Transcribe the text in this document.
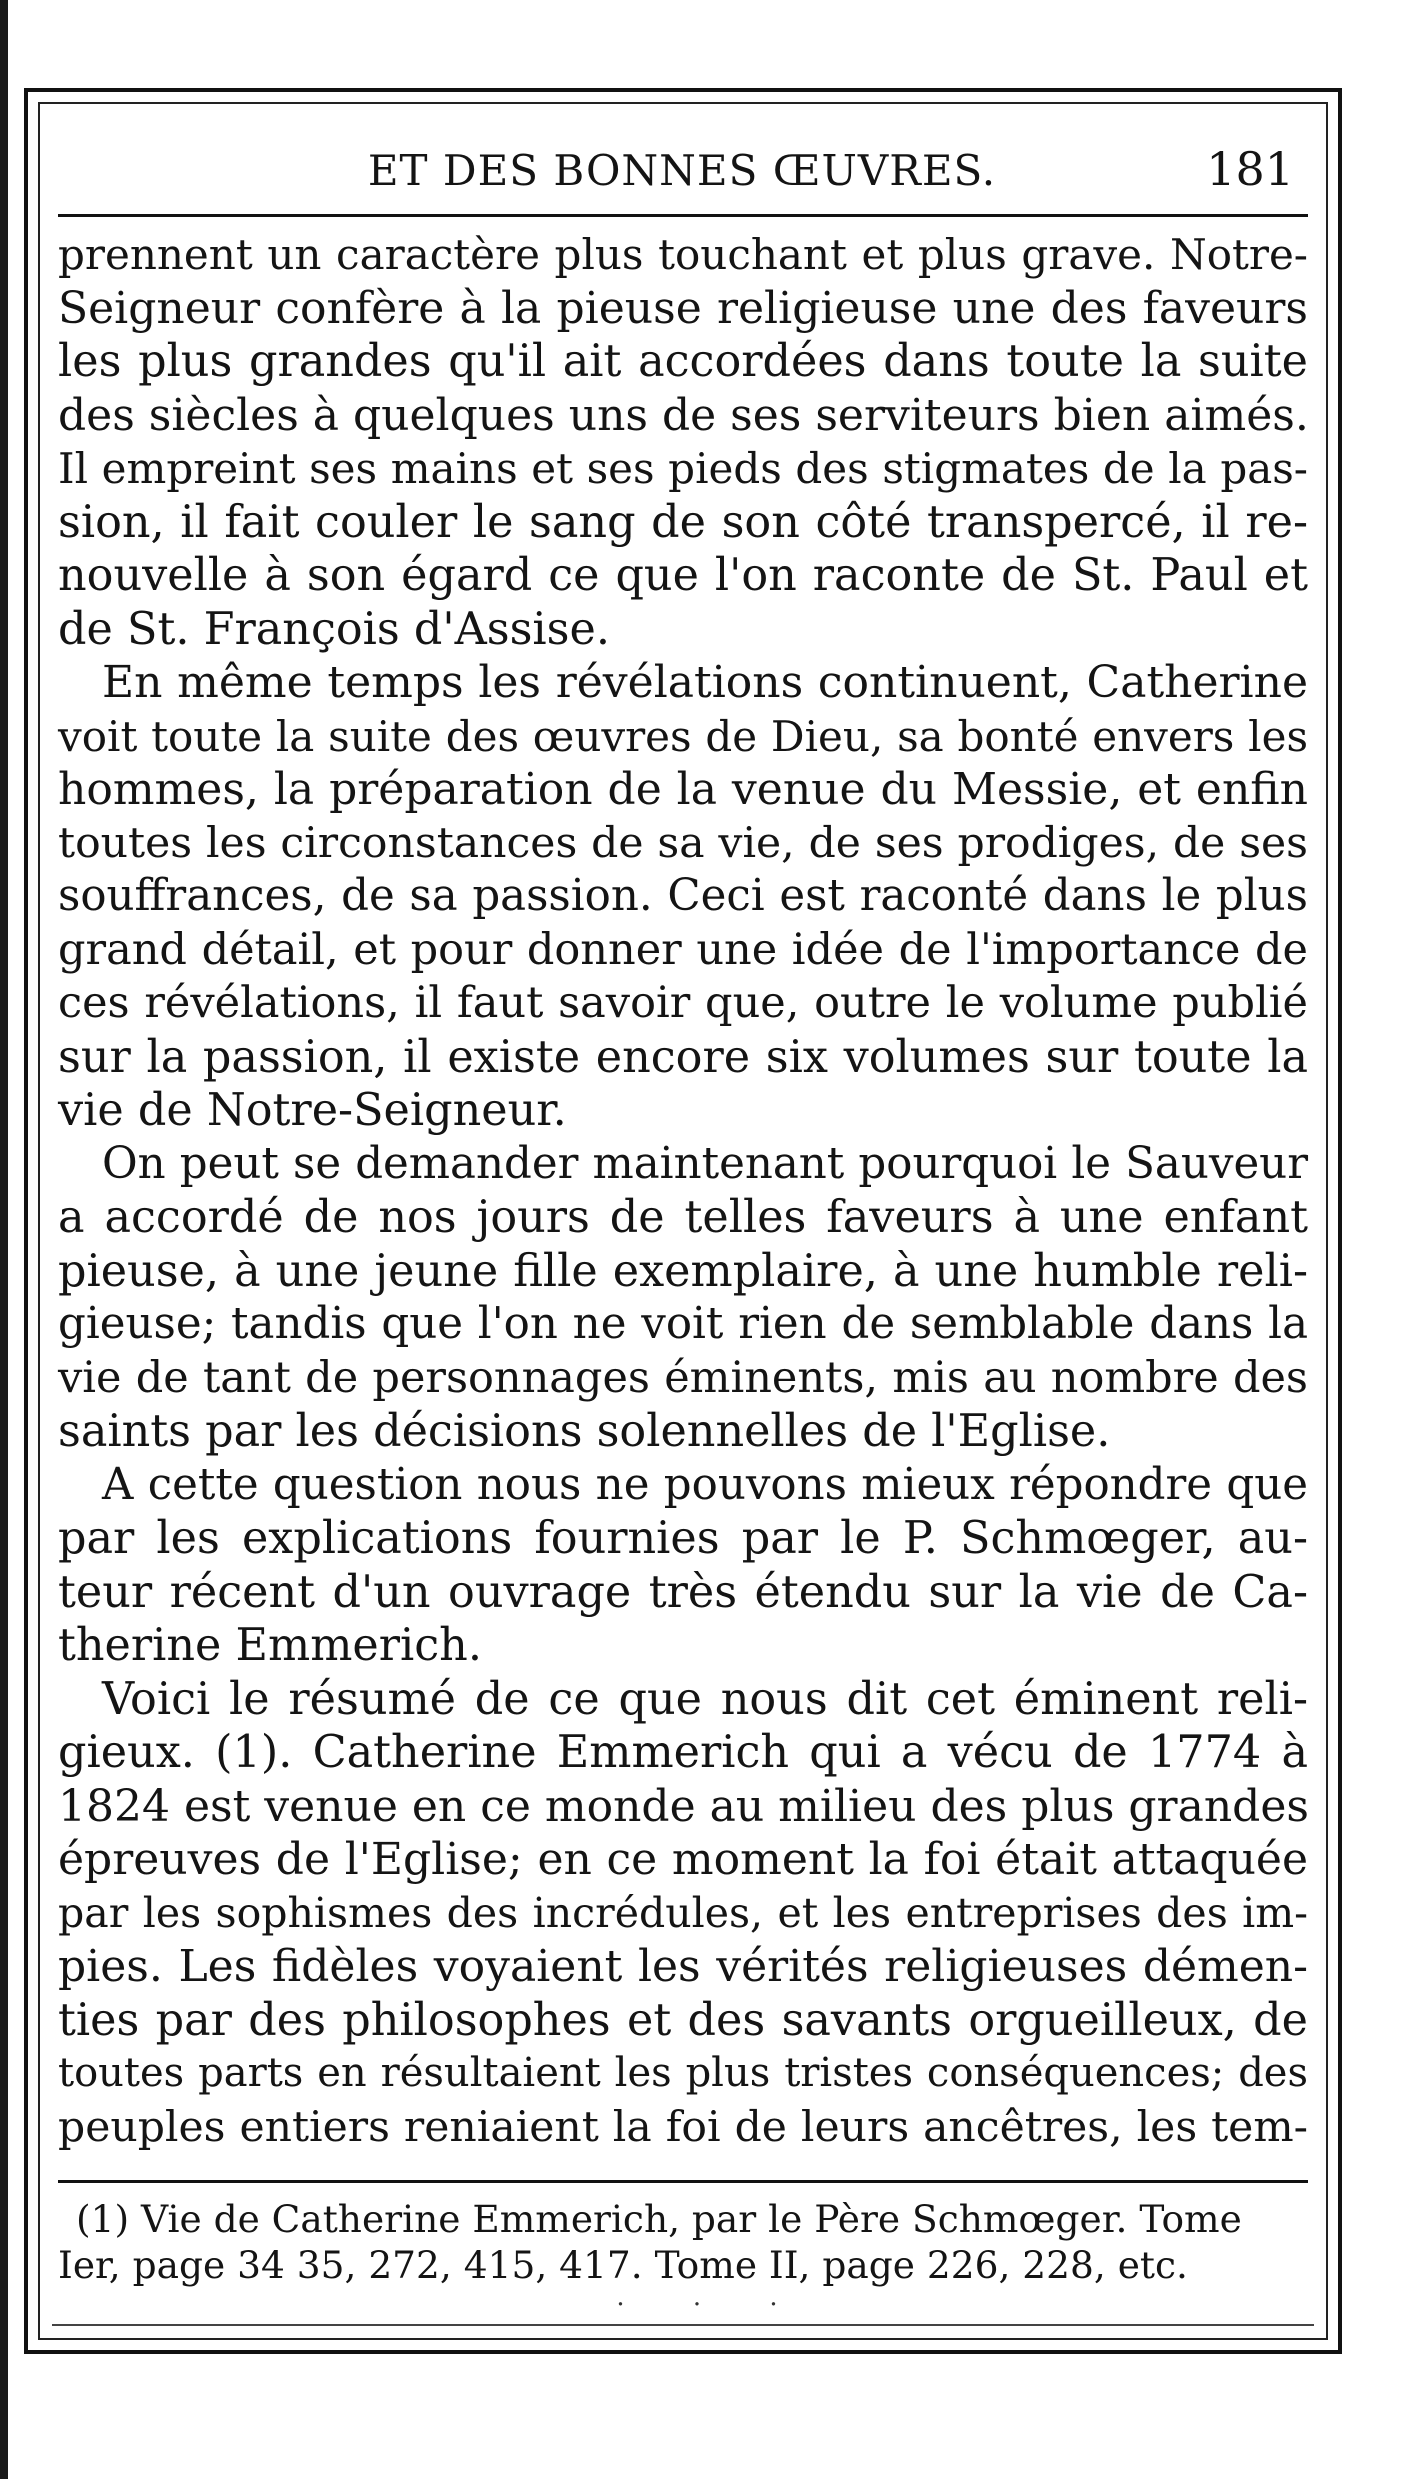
ET DES BONNES ŒUVRES.	181
prennent un caractère plus touchant et plus grave. Notre-
Seigneur confère à la pieuse religieuse une des faveurs
les plus grandes qu'il ait accordées dans toute la suite
des siècles à quelques uns de ses serviteurs bien aimés.
Il empreint ses mains et ses pieds des stigmates de la pas-
sion, il fait couler le sang de son côté transpercé, il re-
nouvelle à son égard ce que l'on raconte de St. Paul et
de St. François d'Assise.
En même temps les révélations continuent, Catherine
voit toute la suite des œuvres de Dieu, sa bonté envers les
hommes, la préparation de la venue du Messie, et enfin
toutes les circonstances de sa vie, de ses prodiges, de ses
souffrances, de sa passion. Ceci est raconté dans le plus
grand détail, et pour donner une idée de l'importance de
ces révélations, il faut savoir que, outre le volume publié
sur la passion, il existe encore six volumes sur toute la
vie de Notre-Seigneur.
On peut se demander maintenant pourquoi le Sauveur
a accordé de nos jours de telles faveurs à une enfant
pieuse, à une jeune fille exemplaire, à une humble reli-
gieuse; tandis que l'on ne voit rien de semblable dans la
vie de tant de personnages éminents, mis au nombre des
saints par les décisions solennelles de l'Eglise.
A cette question nous ne pouvons mieux répondre que
par les explications fournies par le P. Schmœger, au-
teur récent d'un ouvrage très étendu sur la vie de Ca-
therine Emmerich.
Voici le résumé de ce que nous dit cet éminent reli-
gieux. (1). Catherine Emmerich qui a vécu de 1774 à
1824 est venue en ce monde au milieu des plus grandes
épreuves de l'Eglise; en ce moment la foi était attaquée
par les sophismes des incrédules, et les entreprises des im-
pies. Les fidèles voyaient les vérités religieuses démen-
ties par des philosophes et des savants orgueilleux, de
toutes parts en résultaient les plus tristes conséquences; des
peuples entiers reniaient la foi de leurs ancêtres, les tem-
(1) Vie de Catherine Emmerich, par le Père Schmœger. Tome
Ier, page 34 35, 272, 415, 417. Tome II, page 226, 228, etc.
· · ·
